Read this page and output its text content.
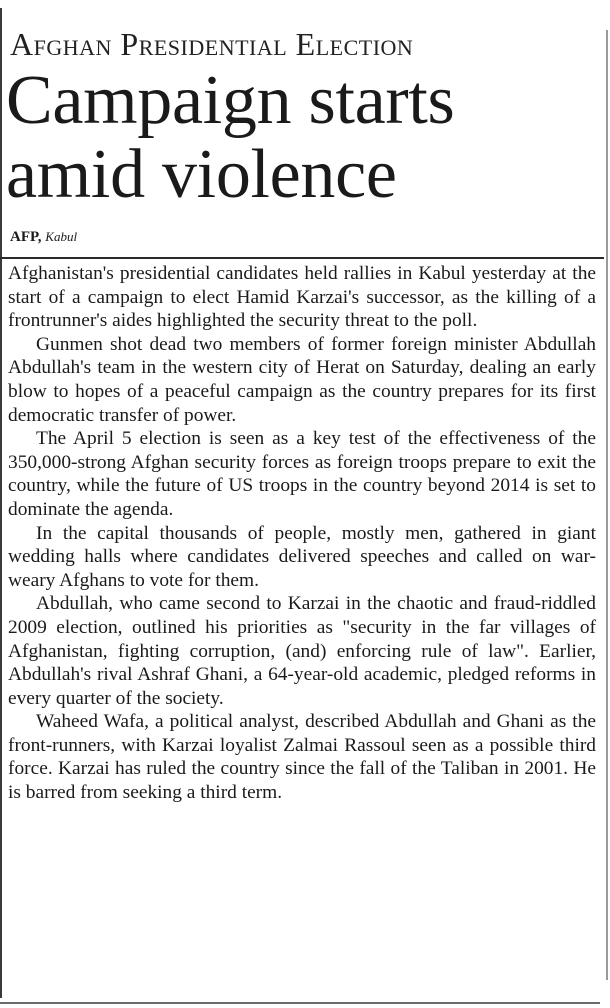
Afghan Presidential Election
Campaign starts amid violence
AFP, Kabul

Afghanistan's presidential candidates held rallies in Kabul yesterday at the start of a campaign to elect Hamid Karzai's successor, as the killing of a frontrunner's aides highlighted the security threat to the poll.

Gunmen shot dead two members of former foreign minister Abdullah Abdullah's team in the western city of Herat on Saturday, dealing an early blow to hopes of a peaceful campaign as the country prepares for its first democratic transfer of power.

The April 5 election is seen as a key test of the effectiveness of the 350,000-strong Afghan security forces as foreign troops prepare to exit the country, while the future of US troops in the country beyond 2014 is set to dominate the agenda.

In the capital thousands of people, mostly men, gathered in giant wedding halls where candidates delivered speeches and called on war-weary Afghans to vote for them.

Abdullah, who came second to Karzai in the chaotic and fraud-riddled 2009 election, outlined his priorities as "security in the far villages of Afghanistan, fighting corruption, (and) enforcing rule of law". Earlier, Abdullah's rival Ashraf Ghani, a 64-year-old academic, pledged reforms in every quarter of the society.

Waheed Wafa, a political analyst, described Abdullah and Ghani as the front-runners, with Karzai loyalist Zalmai Rassoul seen as a possible third force. Karzai has ruled the country since the fall of the Taliban in 2001. He is barred from seeking a third term.
